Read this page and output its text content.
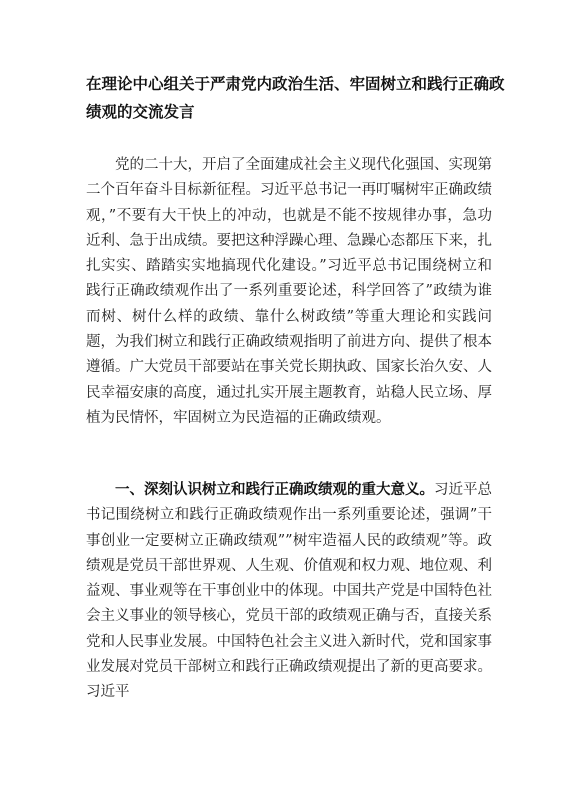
在理论中心组关于严肃党内政治生活、牢固树立和践行正确政绩观的交流发言

党的二十大，开启了全面建成社会主义现代化强国、实现第二个百年奋斗目标新征程。习近平总书记一再叮嘱树牢正确政绩观，”不要有大干快上的冲动，也就是不能不按规律办事，急功近利、急于出成绩。要把这种浮躁心理、急躁心态都压下来，扎扎实实、踏踏实实地搞现代化建设。”习近平总书记围绕树立和践行正确政绩观作出了一系列重要论述，科学回答了”政绩为谁而树、树什么样的政绩、靠什么树政绩”等重大理论和实践问题，为我们树立和践行正确政绩观指明了前进方向、提供了根本遵循。广大党员干部要站在事关党长期执政、国家长治久安、人民幸福安康的高度，通过扎实开展主题教育，站稳人民立场、厚植为民情怀，牢固树立为民造福的正确政绩观。

一、深刻认识树立和践行正确政绩观的重大意义。习近平总书记围绕树立和践行正确政绩观作出一系列重要论述，强调”干事创业一定要树立正确政绩观””树牢造福人民的政绩观”等。政绩观是党员干部世界观、人生观、价值观和权力观、地位观、利益观、事业观等在干事创业中的体现。中国共产党是中国特色社会主义事业的领导核心，党员干部的政绩观正确与否，直接关系党和人民事业发展。中国特色社会主义进入新时代，党和国家事业发展对党员干部树立和践行正确政绩观提出了新的更高要求。习近平
